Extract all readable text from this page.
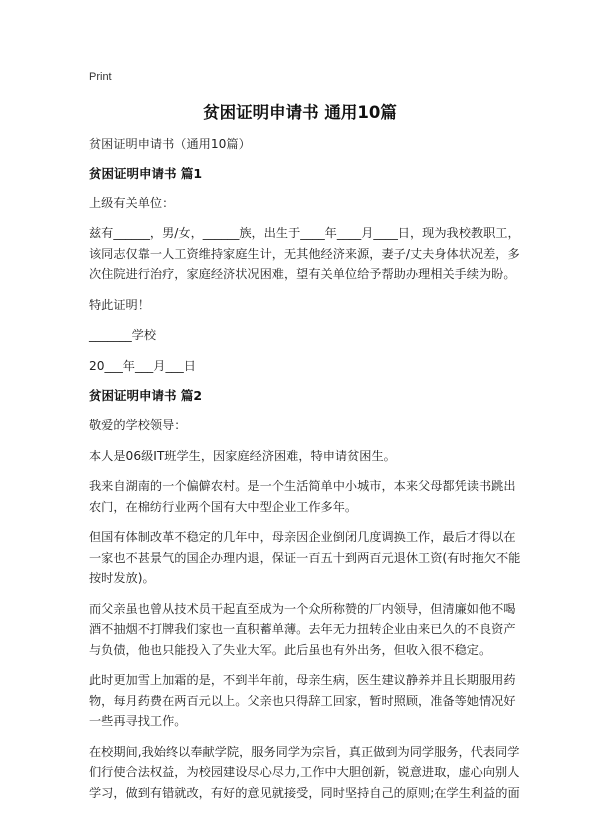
Print
贫困证明申请书 通用10篇

贫困证明申请书（通用10篇）

贫困证明申请书 篇1

上级有关单位：

兹有______，男/女，______族，出生于____年____月____日，现为我校教职工，该同志仅靠一人工资维持家庭生计，无其他经济来源，妻子/丈夫身体状况差，多次住院进行治疗，家庭经济状况困难，望有关单位给予帮助办理相关手续为盼。

特此证明！

_______学校

20___年___月___日

贫困证明申请书 篇2

敬爱的学校领导：

本人是06级IT班学生，因家庭经济困难，特申请贫困生。

我来自湖南的一个偏僻农村。是一个生活简单中小城市，本来父母都凭读书跳出农门，在棉纺行业两个国有大中型企业工作多年。

但国有体制改革不稳定的几年中，母亲因企业倒闭几度调换工作，最后才得以在一家也不甚景气的国企办理内退，保证一百五十到两百元退休工资(有时拖欠不能按时发放)。

而父亲虽也曾从技术员干起直至成为一个众所称赞的厂内领导，但清廉如他不喝酒不抽烟不打牌我们家也一直积蓄单薄。去年无力扭转企业由来已久的不良资产与负债，他也只能投入了失业大军。此后虽也有外出务，但收入很不稳定。

此时更加雪上加霜的是，不到半年前，母亲生病，医生建议静养并且长期服用药物，每月药费在两百元以上。父亲也只得辞工回家，暂时照顾，准备等她情况好一些再寻找工作。

在校期间,我始终以奉献学院，服务同学为宗旨，真正做到为同学服务，代表同学们行使合法权益，为校园建设尽心尽力,工作中大胆创新，锐意进取，虚心向别人学习，做到有错就改，有好的意见就接受，同时坚持自己的原则;在学生利益的面
